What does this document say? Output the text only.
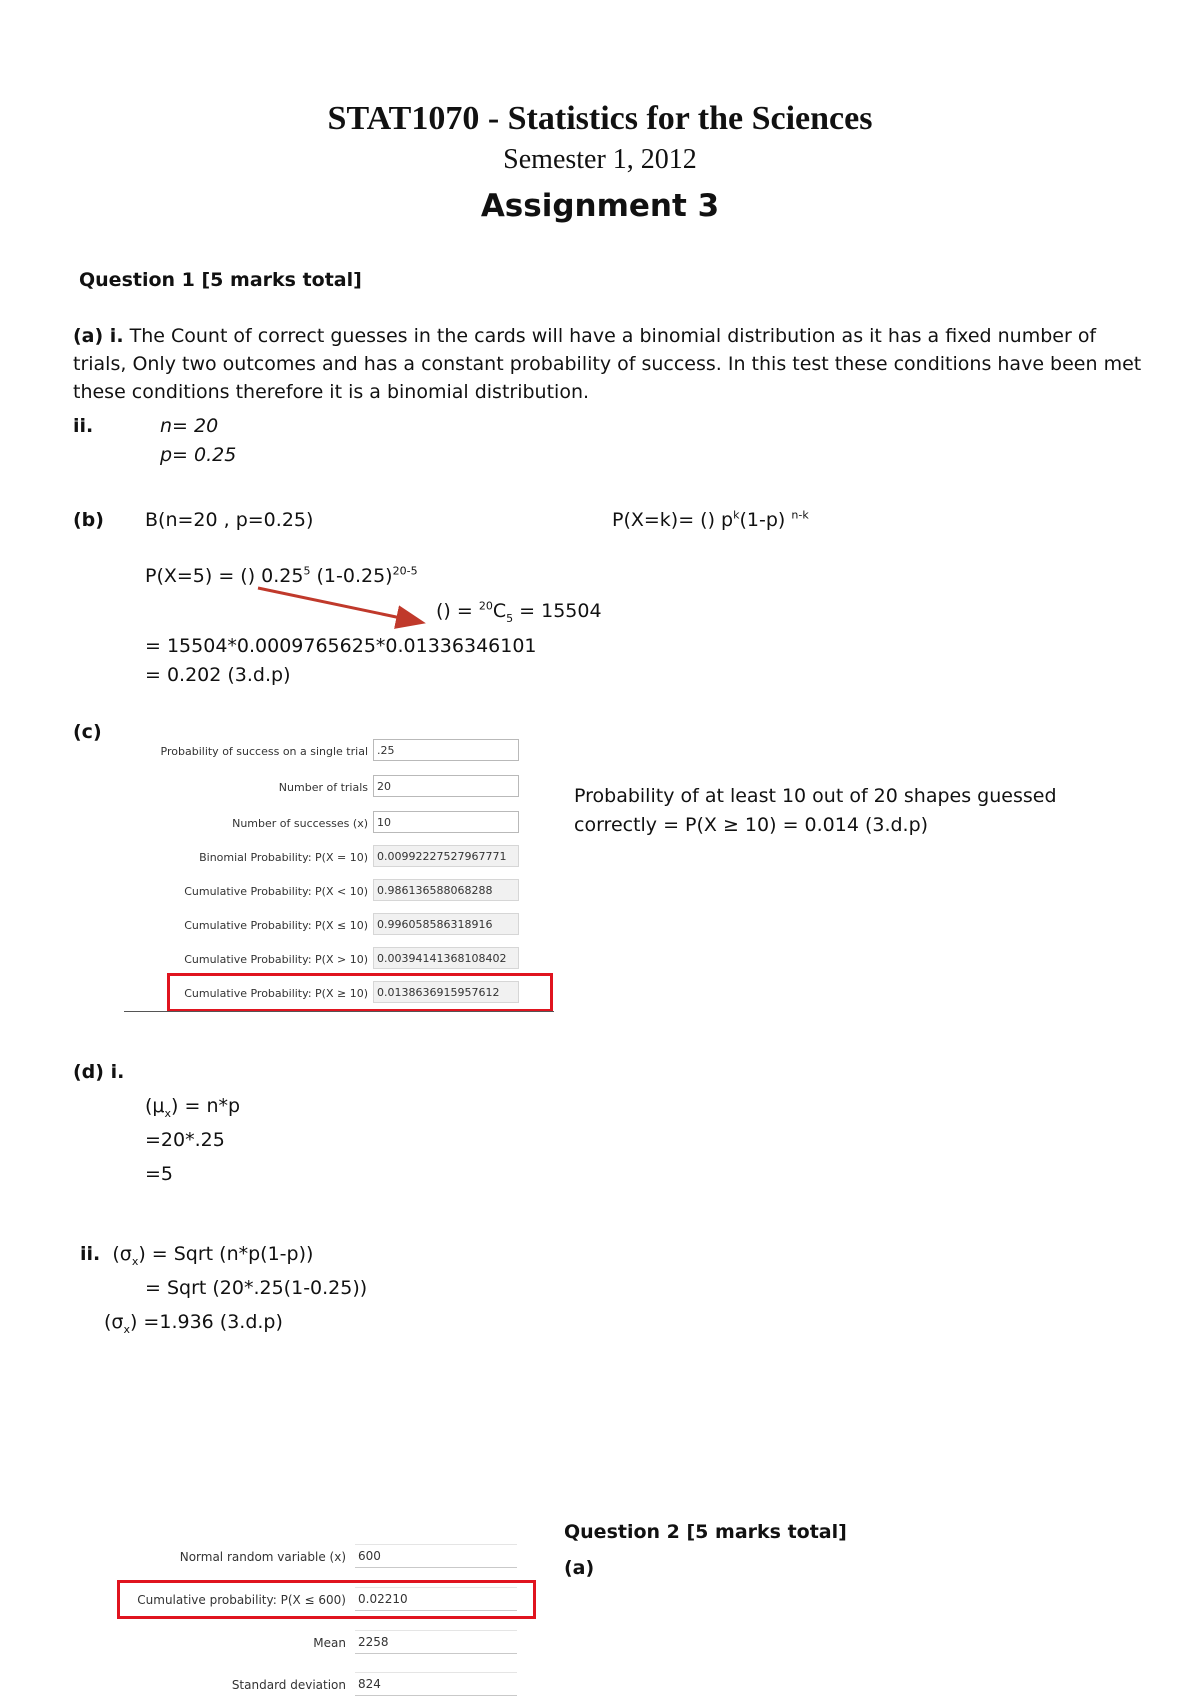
STAT1070 - Statistics for the Sciences
Semester 1, 2012
Assignment 3
Question 1 [5 marks total]
(a) i. The Count of correct guesses in the cards will have a binomial distribution as it has a fixed number of
trials, Only two outcomes and has a constant probability of success. In this test these conditions have been met
these conditions therefore it is a binomial distribution.
ii.	n= 20
p= 0.25
(b) B(n=20 , p=0.25)	P(X=k)= () $p^k(1-p)$ $^{n-k}$
P(X=5) = () 0.25$^5$ $(1-0.25)^{20-5}$
() = $^{20}C_5 = 15504$
= 15504*0.0009765625*0.01336346101
= 0.202 (3.d.p)
(c)
Probability of success on a single trial .25
Number of trials 20
Number of successes (x) 10
Binomial Probability: P(X = 10) 0.00992227527967771
Cumulative Probability: P(X < 10) 0.986136588068288
Cumulative Probability: P(X ≤ 10) 0.996058586318916
Cumulative Probability: P(X > 10) 0.00394141368108402
Cumulative Probability: P(X ≥ 10) 0.0138636915957612
Probability of at least 10 out of 20 shapes guessed
correctly = P(X ≥ 10) = 0.014 (3.d.p)
(d) i.
$(\mu_x) = n*p$
=20*.25
=5
ii. $(\sigma_x)$ = Sqrt (n*p(1-p))
= Sqrt (20*.25(1-0.25))
$(\sigma_x) =1.936$ (3.d.p)
Question 2 [5 marks total]
(a)
Normal random variable (x) 600
Cumulative probability: P(X ≤ 600) 0.02210
Mean 2258
Standard deviation 824
